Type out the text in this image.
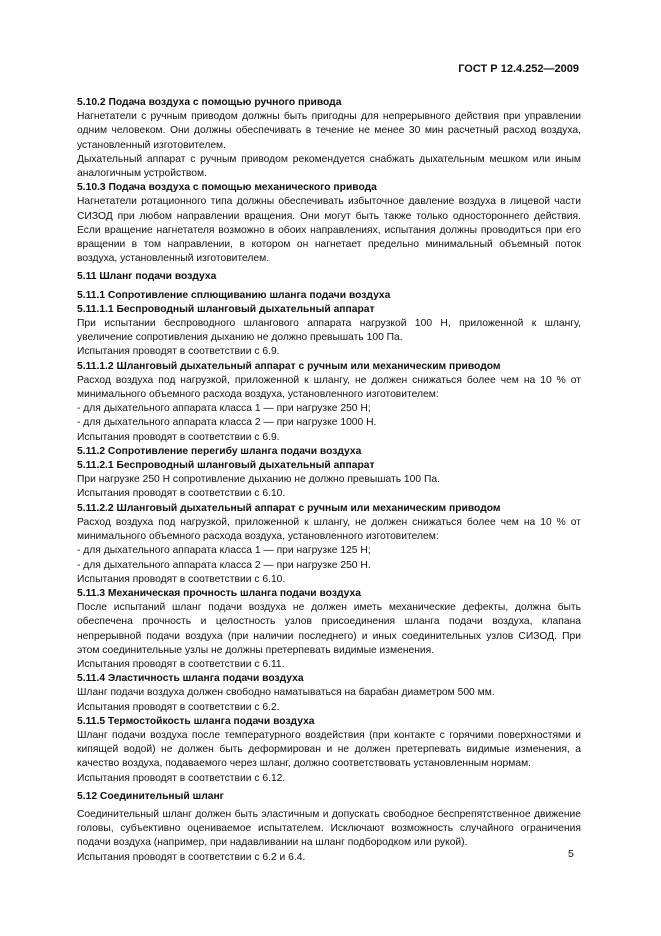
ГОСТ Р 12.4.252—2009

5.10.2 Подача воздуха с помощью ручного привода

Нагнетатели с ручным приводом должны быть пригодны для непрерывного действия при управлении одним человеком. Они должны обеспечивать в течение не менее 30 мин расчетный расход воздуха, установленный изготовителем.

Дыхательный аппарат с ручным приводом рекомендуется снабжать дыхательным мешком или иным аналогичным устройством.

5.10.3 Подача воздуха с помощью механического привода

Нагнетатели ротационного типа должны обеспечивать избыточное давление воздуха в лицевой части СИЗОД при любом направлении вращения. Они могут быть также только одностороннего действия. Если вращение нагнетателя возможно в обоих направлениях, испытания должны проводиться при его вращении в том направлении, в котором он нагнетает предельно минимальный объемный поток воздуха, установленный изготовителем.

5.11 Шланг подачи воздуха

5.11.1 Сопротивление сплющиванию шланга подачи воздуха

5.11.1.1 Беспроводный шланговый дыхательный аппарат

При испытании беспроводного шлангового аппарата нагрузкой 100 Н, приложенной к шлангу, увеличение сопротивления дыханию не должно превышать 100 Па.

Испытания проводят в соответствии с 6.9.

5.11.1.2 Шланговый дыхательный аппарат с ручным или механическим приводом

Расход воздуха под нагрузкой, приложенной к шлангу, не должен снижаться более чем на 10 % от минимального объемного расхода воздуха, установленного изготовителем:

- для дыхательного аппарата класса 1 — при нагрузке 250 Н;

- для дыхательного аппарата класса 2 — при нагрузке 1000 Н.

Испытания проводят в соответствии с 6.9.

5.11.2 Сопротивление перегибу шланга подачи воздуха

5.11.2.1 Беспроводный шланговый дыхательный аппарат

При нагрузке 250 Н сопротивление дыханию не должно превышать 100 Па.

Испытания проводят в соответствии с 6.10.

5.11.2.2 Шланговый дыхательный аппарат с ручным или механическим приводом

Расход воздуха под нагрузкой, приложенной к шлангу, не должен снижаться более чем на 10 % от минимального объемного расхода воздуха, установленного изготовителем:

- для дыхательного аппарата класса 1 — при нагрузке 125 Н;

- для дыхательного аппарата класса 2 — при нагрузке 250 Н.

Испытания проводят в соответствии с 6.10.

5.11.3 Механическая прочность шланга подачи воздуха

После испытаний шланг подачи воздуха не должен иметь механические дефекты, должна быть обеспечена прочность и целостность узлов присоединения шланга подачи воздуха, клапана непрерывной подачи воздуха (при наличии последнего) и иных соединительных узлов СИЗОД. При этом соединительные узлы не должны претерпевать видимые изменения.

Испытания проводят в соответствии с 6.11.

5.11.4 Эластичность шланга подачи воздуха

Шланг подачи воздуха должен свободно наматываться на барабан диаметром 500 мм.

Испытания проводят в соответствии с 6.2.

5.11.5 Термостойкость шланга подачи воздуха

Шланг подачи воздуха после температурного воздействия (при контакте с горячими поверхностями и кипящей водой) не должен быть деформирован и не должен претерпевать видимые изменения, а качество воздуха, подаваемого через шланг, должно соответствовать установленным нормам.

Испытания проводят в соответствии с 6.12.

5.12 Соединительный шланг

Соединительный шланг должен быть эластичным и допускать свободное беспрепятственное движение головы, субъективно оцениваемое испытателем. Исключают возможность случайного ограничения подачи воздуха (например, при надавливании на шланг подбородком или рукой).

Испытания проводят в соответствии с 6.2 и 6.4.	5
